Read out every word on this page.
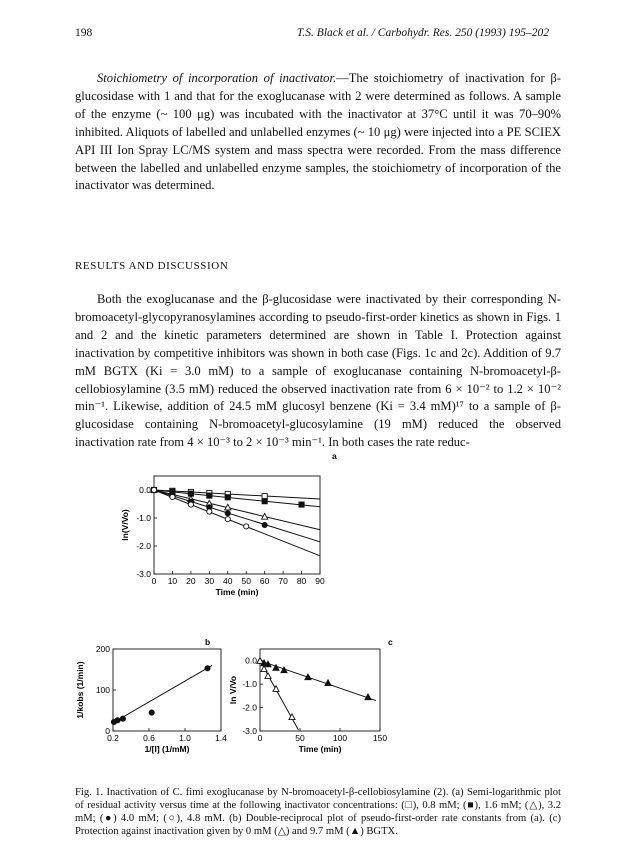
198	T.S. Black et al. / Carbohydr. Res. 250 (1993) 195–202
Stoichiometry of incorporation of inactivator.—The stoichiometry of inactivation for β-glucosidase with 1 and that for the exoglucanase with 2 were determined as follows. A sample of the enzyme (~ 100 μg) was incubated with the inactivator at 37°C until it was 70–90% inhibited. Aliquots of labelled and unlabelled enzymes (~ 10 μg) were injected into a PE SCIEX API III Ion Spray LC/MS system and mass spectra were recorded. From the mass difference between the labelled and unlabelled enzyme samples, the stoichiometry of incorporation of the inactivator was determined.
RESULTS AND DISCUSSION
Both the exoglucanase and the β-glucosidase were inactivated by their corresponding N-bromoacetyl-glycopyranosylamines according to pseudo-first-order kinetics as shown in Figs. 1 and 2 and the kinetic parameters determined are shown in Table I. Protection against inactivation by competitive inhibitors was shown in both case (Figs. 1c and 2c). Addition of 9.7 mM BGTX (Ki = 3.0 mM) to a sample of exoglucanase containing N-bromoacetyl-β-cellobiosylamine (3.5 mM) reduced the observed inactivation rate from 6 × 10⁻² to 1.2 × 10⁻² min⁻¹. Likewise, addition of 24.5 mM glucosyl benzene (Ki = 3.4 mM)¹⁷ to a sample of β-glucosidase containing N-bromoacetyl-glucosylamine (19 mM) reduced the observed inactivation rate from 4 × 10⁻³ to 2 × 10⁻³ min⁻¹. In both cases the rate reduc-
a
0 10 20 30 40 50 60 70 80 90
0.0
-1.0
-2.0
-3.0
Time (min)
ln(V/Vo)
b
0.2	0.6	1.0	1.4
0
100
200
1/[I] (1/mM)
1/kobs (1/min)
c
0	50	100	150
0.0
-1.0
-2.0
-3.0
Time (min)
ln V/Vo
Fig. 1. Inactivation of C. fimi exoglucanase by N-bromoacetyl-β-cellobiosylamine (2). (a) Semi-logarithmic plot of residual activity versus time at the following inactivator concentrations: (□), 0.8 mM; (■), 1.6 mM; (△), 3.2 mM; (●) 4.0 mM; (○), 4.8 mM. (b) Double-reciprocal plot of pseudo-first-order rate constants from (a). (c) Protection against inactivation given by 0 mM (△) and 9.7 mM (▲) BGTX.
